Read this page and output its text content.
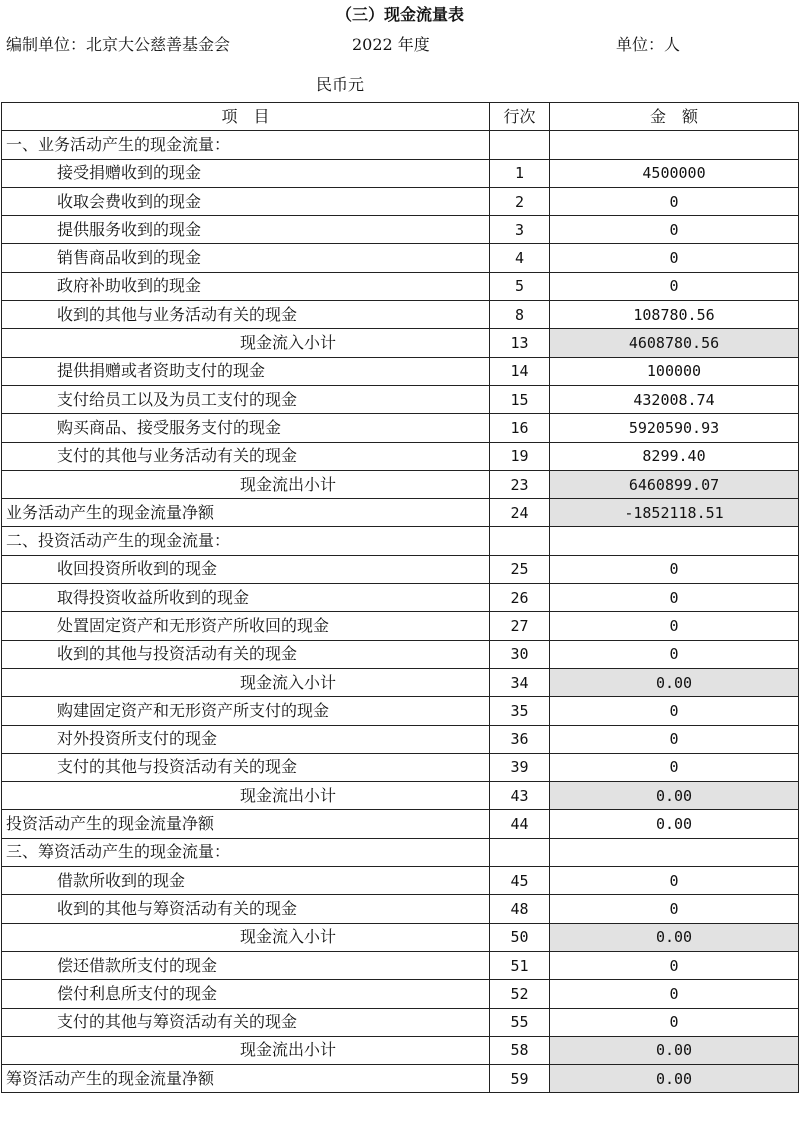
（三）现金流量表
编制单位：北京大公慈善基金会	2022 年度	单位：人
民币元
项　目	行次	金　额
一、业务活动产生的现金流量：		
接受捐赠收到的现金	1	4500000
收取会费收到的现金	2	0
提供服务收到的现金	3	0
销售商品收到的现金	4	0
政府补助收到的现金	5	0
收到的其他与业务活动有关的现金	8	108780.56
现金流入小计	13	4608780.56
提供捐赠或者资助支付的现金	14	100000
支付给员工以及为员工支付的现金	15	432008.74
购买商品、接受服务支付的现金	16	5920590.93
支付的其他与业务活动有关的现金	19	8299.40
现金流出小计	23	6460899.07
业务活动产生的现金流量净额	24	-1852118.51
二、投资活动产生的现金流量：		
收回投资所收到的现金	25	0
取得投资收益所收到的现金	26	0
处置固定资产和无形资产所收回的现金	27	0
收到的其他与投资活动有关的现金	30	0
现金流入小计	34	0.00
购建固定资产和无形资产所支付的现金	35	0
对外投资所支付的现金	36	0
支付的其他与投资活动有关的现金	39	0
现金流出小计	43	0.00
投资活动产生的现金流量净额	44	0.00
三、筹资活动产生的现金流量：		
借款所收到的现金	45	0
收到的其他与筹资活动有关的现金	48	0
现金流入小计	50	0.00
偿还借款所支付的现金	51	0
偿付利息所支付的现金	52	0
支付的其他与筹资活动有关的现金	55	0
现金流出小计	58	0.00
筹资活动产生的现金流量净额	59	0.00
